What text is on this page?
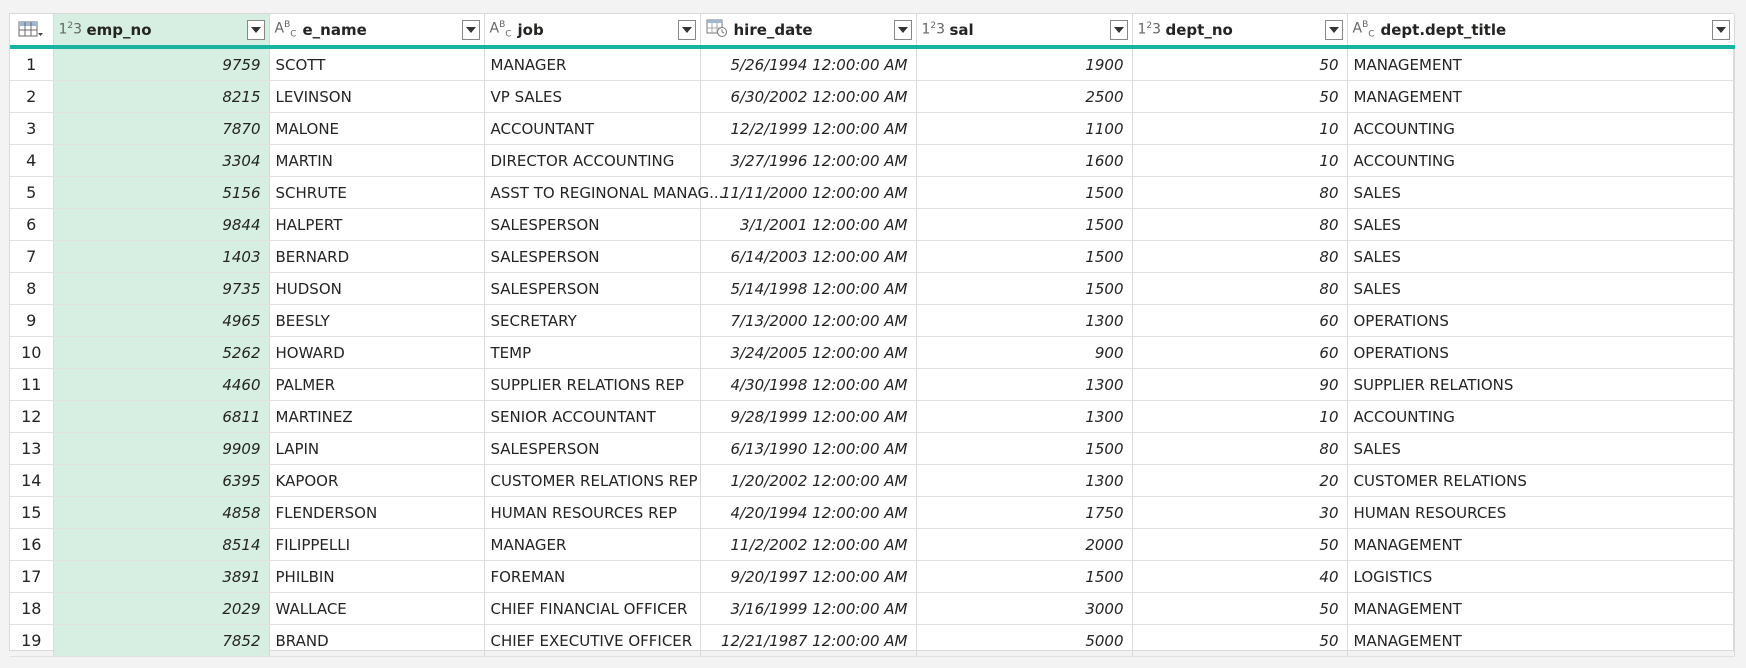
$1^23$ emp_no	$A^B_C$ e_name	$A^B_C$ job	hire_date	$1^23$ sal	$1^23$ dept_no	$A^B_C$ dept.dept_title

1	9759	SCOTT	MANAGER	5/26/1994 12:00:00 AM	1900	50	MANAGEMENT
2	8215	LEVINSON	VP SALES	6/30/2002 12:00:00 AM	2500	50	MANAGEMENT
3	7870	MALONE	ACCOUNTANT	12/2/1999 12:00:00 AM	1100	10	ACCOUNTING
4	3304	MARTIN	DIRECTOR ACCOUNTING	3/27/1996 12:00:00 AM	1600	10	ACCOUNTING
5	5156	SCHRUTE	ASST TO REGINONAL MANAG...	11/11/2000 12:00:00 AM	1500	80	SALES
6	9844	HALPERT	SALESPERSON	3/1/2001 12:00:00 AM	1500	80	SALES
7	1403	BERNARD	SALESPERSON	6/14/2003 12:00:00 AM	1500	80	SALES
8	9735	HUDSON	SALESPERSON	5/14/1998 12:00:00 AM	1500	80	SALES
9	4965	BEESLY	SECRETARY	7/13/2000 12:00:00 AM	1300	60	OPERATIONS
10	5262	HOWARD	TEMP	3/24/2005 12:00:00 AM	900	60	OPERATIONS
11	4460	PALMER	SUPPLIER RELATIONS REP	4/30/1998 12:00:00 AM	1300	90	SUPPLIER RELATIONS
12	6811	MARTINEZ	SENIOR ACCOUNTANT	9/28/1999 12:00:00 AM	1300	10	ACCOUNTING
13	9909	LAPIN	SALESPERSON	6/13/1990 12:00:00 AM	1500	80	SALES
14	6395	KAPOOR	CUSTOMER RELATIONS REP	1/20/2002 12:00:00 AM	1300	20	CUSTOMER RELATIONS
15	4858	FLENDERSON	HUMAN RESOURCES REP	4/20/1994 12:00:00 AM	1750	30	HUMAN RESOURCES
16	8514	FILIPPELLI	MANAGER	11/2/2002 12:00:00 AM	2000	50	MANAGEMENT
17	3891	PHILBIN	FOREMAN	9/20/1997 12:00:00 AM	1500	40	LOGISTICS
18	2029	WALLACE	CHIEF FINANCIAL OFFICER	3/16/1999 12:00:00 AM	3000	50	MANAGEMENT
19	7852	BRAND	CHIEF EXECUTIVE OFFICER	12/21/1987 12:00:00 AM	5000	50	MANAGEMENT
